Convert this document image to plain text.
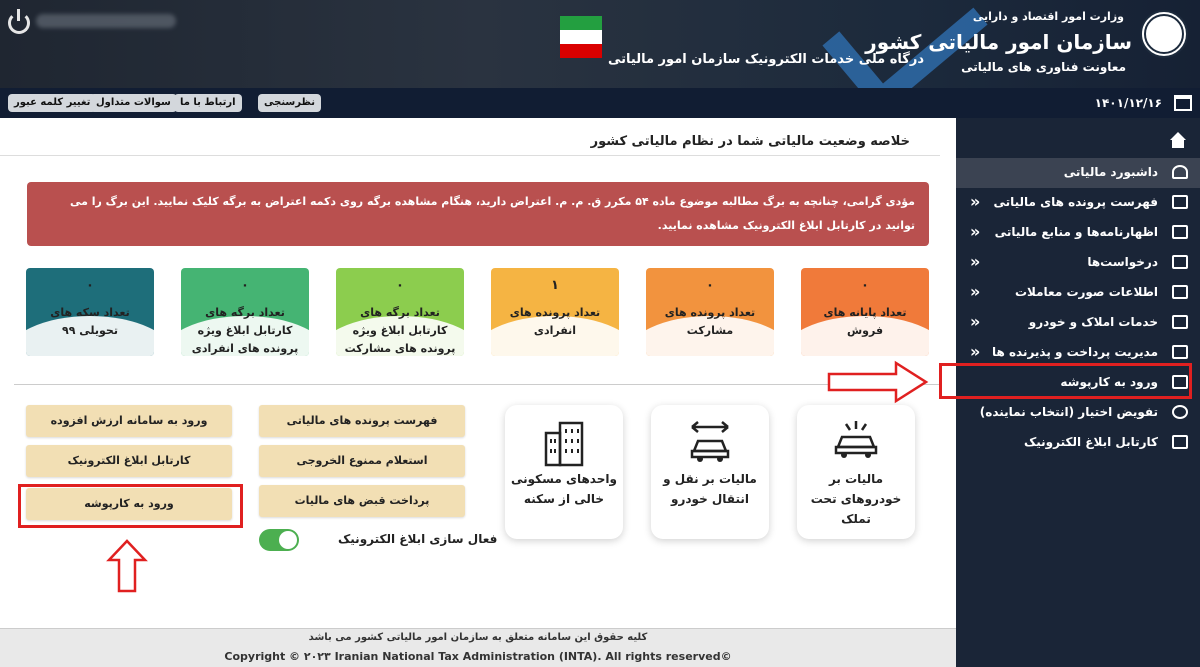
درگاه ملی خدمات الکترونیک سازمان امور مالیاتی
وزارت امور اقتصاد و دارایی
سازمان امور مالیاتی کشور
معاونت فناوری های مالیاتی
تغییر کلمه عبور سوالات متداول ارتباط با ما	نظرسنجی	۱۴۰۱/۱۲/۱۶
خلاصه وضعیت مالیاتی شما در نظام مالیاتی کشور
مؤدی گرامی، چنانچه به برگ مطالبه موضوع ماده ۵۴ مکرر ق. م. م. اعتراض دارید، هنگام مشاهده برگه روی دکمه اعتراض به برگه کلیک نمایید. این برگ را می توانید در کارتابل ابلاغ الکترونیک مشاهده نمایید.
۰
تعداد پایانه های فروش
۰
تعداد پرونده های مشارکت
۱
تعداد پرونده های انفرادی
۰
تعداد برگه های کارتابل ابلاغ ویژه پرونده های مشارکت
۰
تعداد برگه های کارتابل ابلاغ ویژه پرونده های انفرادی
۰
تعداد سکه های تحویلی ۹۹
مالیات بر خودروهای تحت تملک
مالیات بر نقل و انتقال خودرو
واحدهای مسکونی خالی از سکنه
فهرست پرونده های مالیاتی
استعلام ممنوع الخروجی
پرداخت قبض های مالیات
ورود به سامانه ارزش افزوده
کارتابل ابلاغ الکترونیک
ورود به کارپوشه
فعال سازی ابلاغ الکترونیک
داشبورد مالیاتی
فهرست پرونده های مالیاتی
»
اظهارنامه‌ها و منابع مالیاتی
»
درخواست‌ها
»
اطلاعات صورت معاملات
»
خدمات املاک و خودرو
»
مدیریت پرداخت و پذیرنده ها
»
ورود به کارپوشه
تفویض اختیار (انتخاب نماینده)
کارتابل ابلاغ الکترونیک
کلیه حقوق این سامانه متعلق به سازمان امور مالیاتی کشور می باشد
Copyright © ۲۰۲۳ Iranian National Tax Administration (INTA). All rights reserved©
